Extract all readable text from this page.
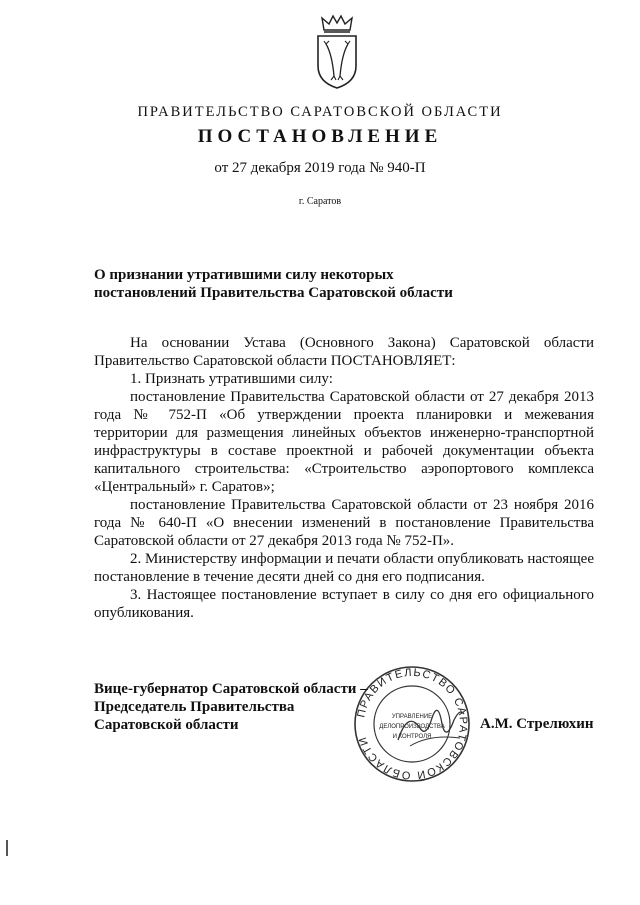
ПРАВИТЕЛЬСТВО САРАТОВСКОЙ ОБЛАСТИ
ПОСТАНОВЛЕНИЕ
от 27 декабря 2019 года № 940-П
г. Саратов
О признании утратившими силу некоторых
постановлений Правительства Саратовской области

На основании Устава (Основного Закона) Саратовской области Правительство Саратовской области ПОСТАНОВЛЯЕТ:

1. Признать утратившими силу:

постановление Правительства Саратовской области от 27 декабря 2013 года № 752-П «Об утверждении проекта планировки и межевания территории для размещения линейных объектов инженерно-транспортной инфраструктуры в составе проектной и рабочей документации объекта капитального строительства: «Строительство аэропортового комплекса «Центральный» г. Саратов»;

постановление Правительства Саратовской области от 23 ноября 2016 года № 640-П «О внесении изменений в постановление Правительства Саратовской области от 27 декабря 2013 года № 752-П».

2. Министерству информации и печати области опубликовать настоящее постановление в течение десяти дней со дня его подписания.

3. Настоящее постановление вступает в силу со дня его официального опубликования.

ПРАВИТЕЛЬСТВО САРАТОВСКОЙ ОБЛАСТИ
УПРАВЛЕНИЕ
ДЕЛОПРОИЗВОДСТВА
И КОНТРОЛЯ
Вице-губернатор Саратовской области –
Председатель Правительства
Саратовской области	А.М. Стрелюхин
